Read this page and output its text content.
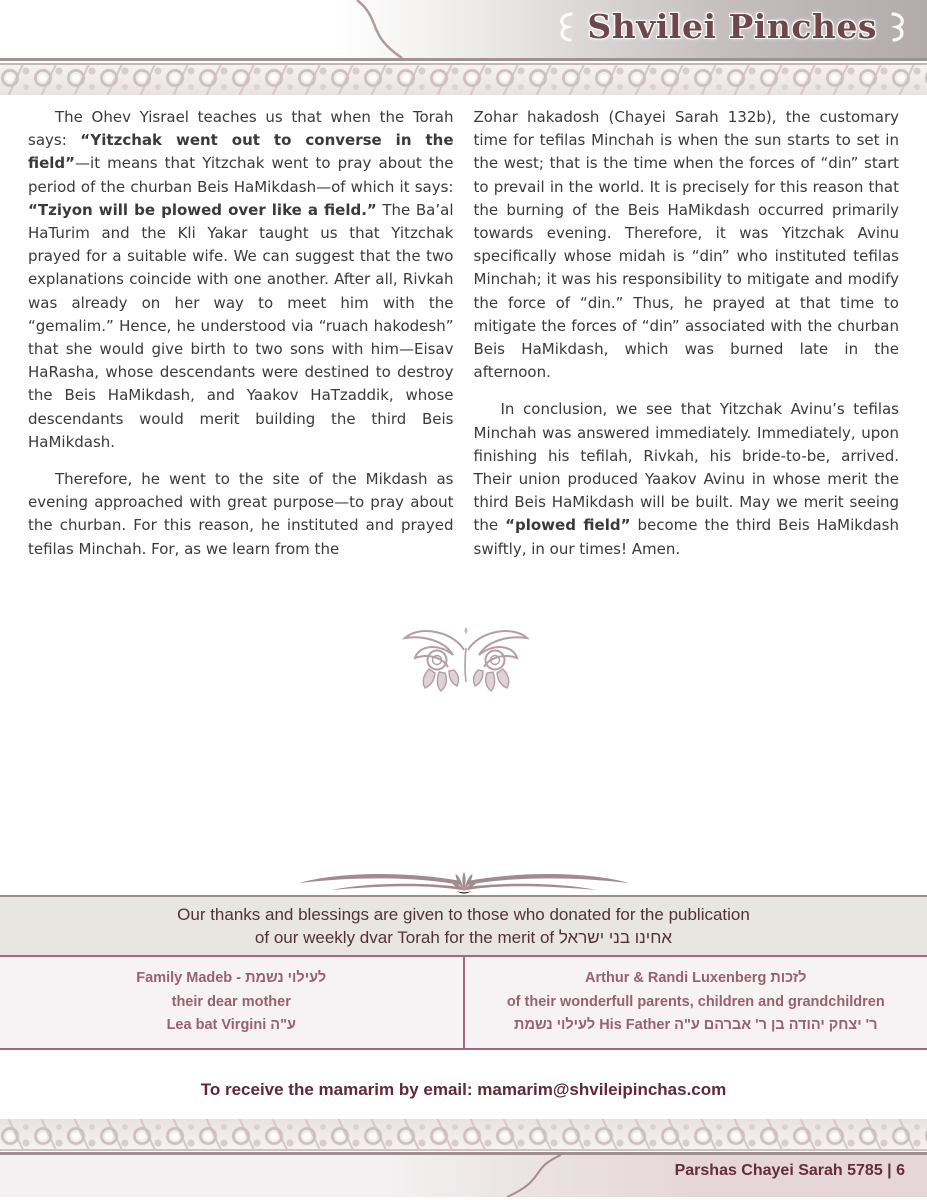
Shvilei Pinches

The Ohev Yisrael teaches us that when the Torah says: “Yitzchak went out to converse in the field”—it means that Yitzchak went to pray about the period of the churban Beis HaMikdash—of which it says: “Tziyon will be plowed over like a field.” The Ba’al HaTurim and the Kli Yakar taught us that Yitzchak prayed for a suitable wife. We can suggest that the two explanations coincide with one another. After all, Rivkah was already on her way to meet him with the “gemalim.” Hence, he understood via “ruach hakodesh” that she would give birth to two sons with him—Eisav HaRasha, whose descendants were destined to destroy the Beis HaMikdash, and Yaakov HaTzaddik, whose descendants would merit building the third Beis HaMikdash.

Therefore, he went to the site of the Mikdash as evening approached with great purpose—to pray about the churban. For this reason, he instituted and prayed tefilas Minchah. For, as we learn from the

Zohar hakadosh (Chayei Sarah 132b), the customary time for tefilas Minchah is when the sun starts to set in the west; that is the time when the forces of “din” start to prevail in the world. It is precisely for this reason that the burning of the Beis HaMikdash occurred primarily towards evening. Therefore, it was Yitzchak Avinu specifically whose midah is “din” who instituted tefilas Minchah; it was his responsibility to mitigate and modify the force of “din.” Thus, he prayed at that time to mitigate the forces of “din” associated with the churban Beis HaMikdash, which was burned late in the afternoon.

In conclusion, we see that Yitzchak Avinu’s tefilas Minchah was answered immediately. Immediately, upon finishing his tefilah, Rivkah, his bride-to-be, arrived. Their union produced Yaakov Avinu in whose merit the third Beis HaMikdash will be built. May we merit seeing the “plowed field” become the third Beis HaMikdash swiftly, in our times! Amen.

Our thanks and blessings are given to those who donated for the publication
of our weekly dvar Torah for the merit of אחינו בני ישראל
Family Madeb - לעילוי נשמת
their dear mother
Lea bat Virgini ע"ה
Arthur & Randi Luxenberg לזכות
of their wonderfull parents, children and grandchildren
לעילוי נשמת His Father ר' יצחק יהודה בן ר' אברהם ע"ה
To receive the mamarim by email: mamarim@shvileipinchas.com
Parshas Chayei Sarah 5785 | 6
